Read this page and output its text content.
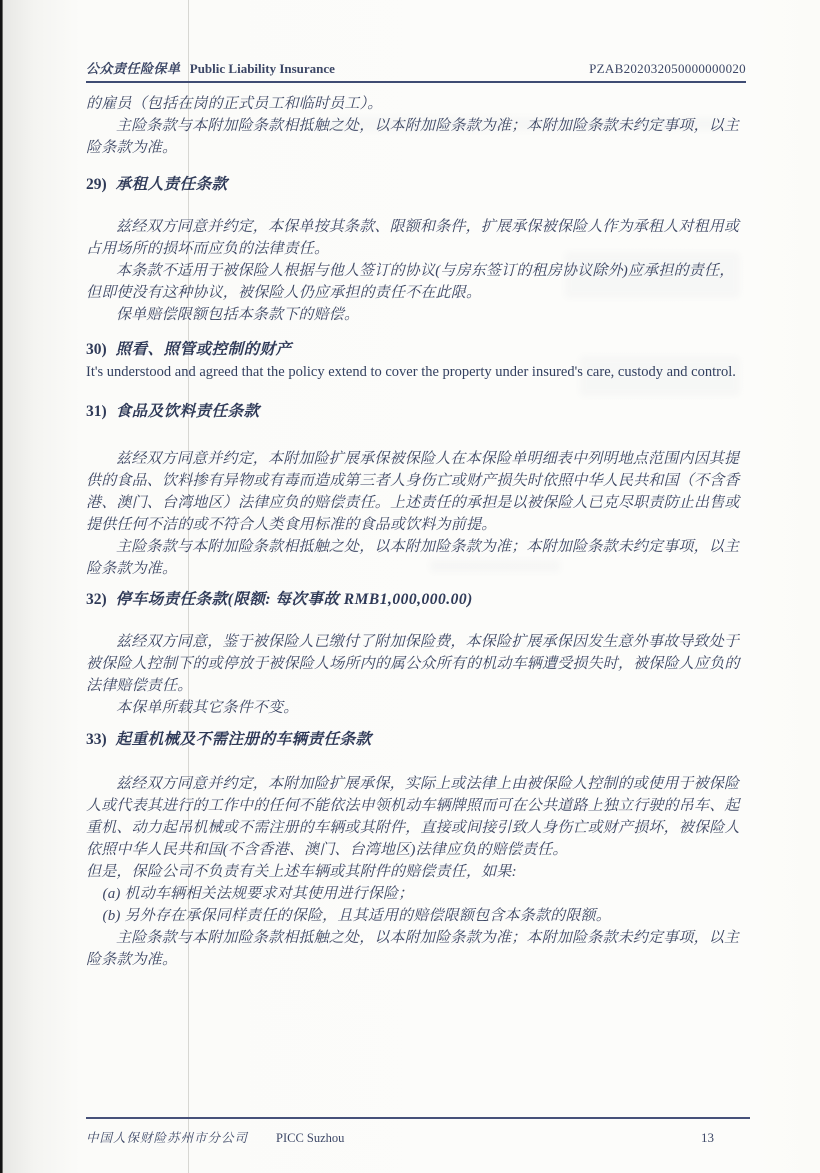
公众责任险保单 Public Liability Insurance	PZAB202032050000000020

的雇员（包括在岗的正式员工和临时员工）。

主险条款与本附加险条款相抵触之处，以本附加险条款为准；本附加险条款未约定事项，以主险条款为准。

29) 承租人责任条款

兹经双方同意并约定，本保单按其条款、限额和条件，扩展承保被保险人作为承租人对租用或占用场所的损坏而应负的法律责任。

本条款不适用于被保险人根据与他人签订的协议(与房东签订的租房协议除外)应承担的责任，但即使没有这种协议，被保险人仍应承担的责任不在此限。

保单赔偿限额包括本条款下的赔偿。

30) 照看、照管或控制的财产

It's understood and agreed that the policy extend to cover the property under insured's care, custody and control.

31) 食品及饮料责任条款

兹经双方同意并约定，本附加险扩展承保被保险人在本保险单明细表中列明地点范围内因其提供的食品、饮料掺有异物或有毒而造成第三者人身伤亡或财产损失时依照中华人民共和国（不含香港、澳门、台湾地区）法律应负的赔偿责任。上述责任的承担是以被保险人已克尽职责防止出售或提供任何不洁的或不符合人类食用标准的食品或饮料为前提。

主险条款与本附加险条款相抵触之处，以本附加险条款为准；本附加险条款未约定事项，以主险条款为准。

32) 停车场责任条款(限额: 每次事故 RMB1,000,000.00)

兹经双方同意，鉴于被保险人已缴付了附加保险费，本保险扩展承保因发生意外事故导致处于被保险人控制下的或停放于被保险人场所内的属公众所有的机动车辆遭受损失时，被保险人应负的法律赔偿责任。

本保单所载其它条件不变。

33) 起重机械及不需注册的车辆责任条款

兹经双方同意并约定，本附加险扩展承保，实际上或法律上由被保险人控制的或使用于被保险人或代表其进行的工作中的任何不能依法申领机动车辆牌照而可在公共道路上独立行驶的吊车、起重机、动力起吊机械或不需注册的车辆或其附件，直接或间接引致人身伤亡或财产损坏，被保险人依照中华人民共和国(不含香港、澳门、台湾地区)法律应负的赔偿责任。

但是，保险公司不负责有关上述车辆或其附件的赔偿责任，如果:

(a) 机动车辆相关法规要求对其使用进行保险；

(b) 另外存在承保同样责任的保险，且其适用的赔偿限额包含本条款的限额。

主险条款与本附加险条款相抵触之处，以本附加险条款为准；本附加险条款未约定事项，以主险条款为准。

中国人保财险苏州市分公司 PICC Suzhou	13
